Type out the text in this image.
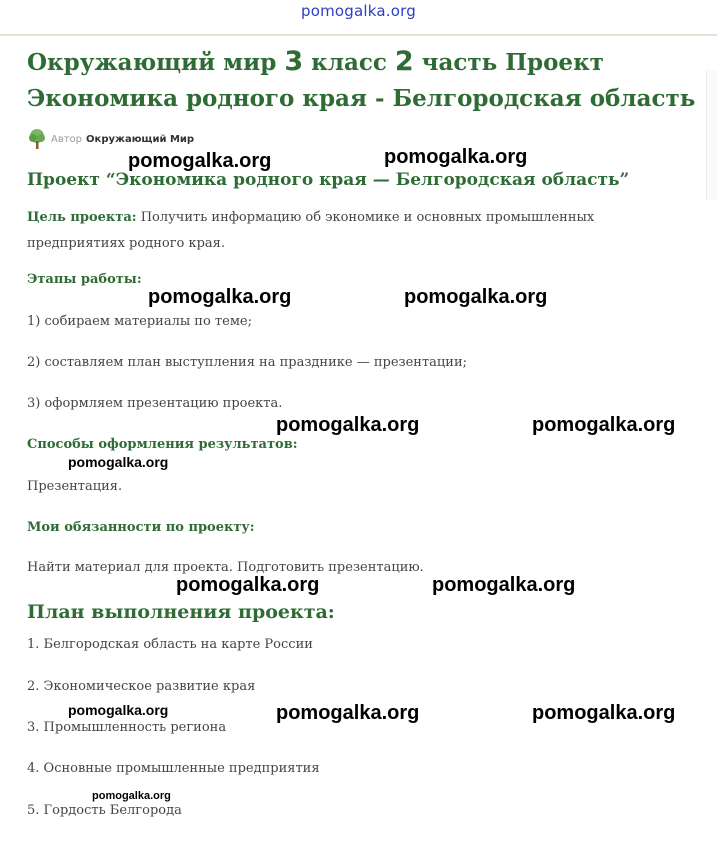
pomogalka.org
Окружающий мир 3 класс 2 часть Проект
Экономика родного края - Белгородская область
Автор Окружающий Мир
Проект “Экономика родного края — Белгородская область”
Цель проекта: Получить информацию об экономике и основных промышленных
предприятиях родного края.
Этапы работы:
1) собираем материалы по теме;
2) составляем план выступления на празднике — презентации;
3) оформляем презентацию проекта.
Способы оформления результатов:
Презентация.
Мои обязанности по проекту:
Найти материал для проекта. Подготовить презентацию.
План выполнения проекта:
1. Белгородская область на карте России
2. Экономическое развитие края
3. Промышленность региона
4. Основные промышленные предприятия
5. Гордость Белгорода
pomogalka.org	pomogalka.org
pomogalka.org	pomogalka.org
pomogalka.org	pomogalka.org
pomogalka.org
pomogalka.org	pomogalka.org
pomogalka.org	pomogalka.org	pomogalka.org
pomogalka.org
